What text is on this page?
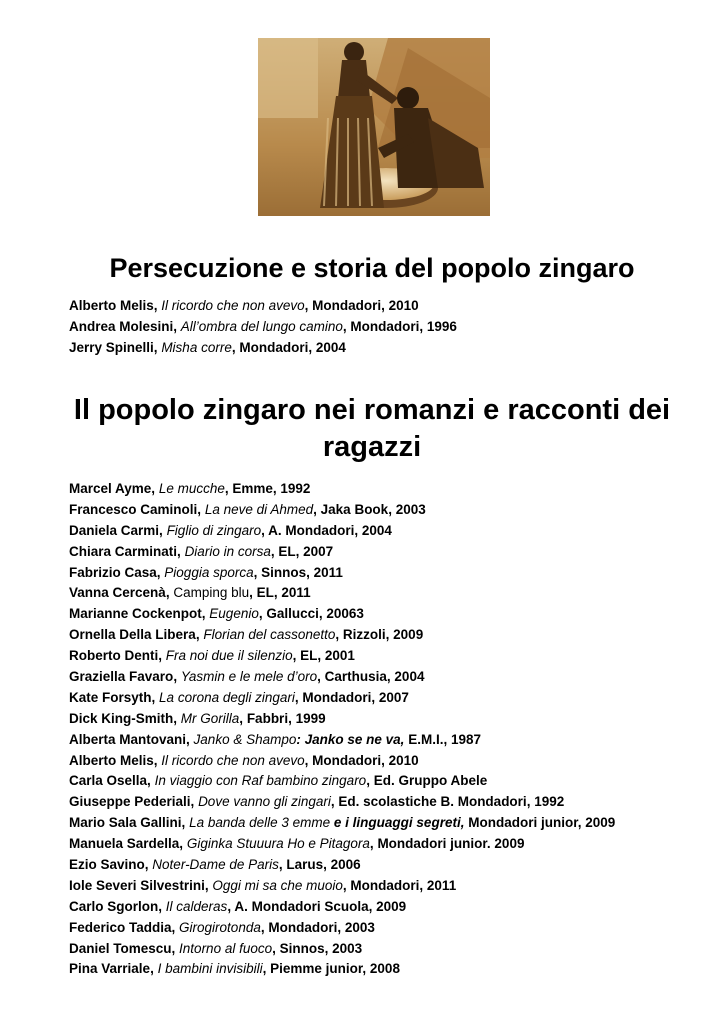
Persecuzione e storia del popolo zingaro
Alberto Melis, Il ricordo che non avevo, Mondadori, 2010
Andrea Molesini, All’ombra del lungo camino, Mondadori, 1996
Jerry Spinelli, Misha corre, Mondadori, 2004
Il popolo zingaro nei romanzi e racconti dei ragazzi
Marcel Ayme, Le mucche, Emme, 1992
Francesco Caminoli, La neve di Ahmed, Jaka Book, 2003
Daniela Carmi, Figlio di zingaro, A. Mondadori, 2004
Chiara Carminati, Diario in corsa, EL, 2007
Fabrizio Casa, Pioggia sporca, Sinnos, 2011
Vanna Cercenà, Camping blu, EL, 2011
Marianne Cockenpot, Eugenio, Gallucci, 20063
Ornella Della Libera, Florian del cassonetto, Rizzoli, 2009
Roberto Denti, Fra noi due il silenzio, EL, 2001
Graziella Favaro, Yasmin e le mele d’oro, Carthusia, 2004
Kate Forsyth, La corona degli zingari, Mondadori, 2007
Dick King-Smith, Mr Gorilla, Fabbri, 1999
Alberta Mantovani, Janko & Shampo: Janko se ne va, E.M.I., 1987
Alberto Melis, Il ricordo che non avevo, Mondadori, 2010
Carla Osella, In viaggio con Raf bambino zingaro, Ed. Gruppo Abele
Giuseppe Pederiali, Dove vanno gli zingari, Ed. scolastiche B. Mondadori, 1992
Mario Sala Gallini, La banda delle 3 emme e i linguaggi segreti, Mondadori junior, 2009
Manuela Sardella, Giginka Stuuura Ho e Pitagora, Mondadori junior. 2009
Ezio Savino, Noter-Dame de Paris, Larus, 2006
Iole Severi Silvestrini, Oggi mi sa che muoio, Mondadori, 2011
Carlo Sgorlon, Il calderas, A. Mondadori Scuola, 2009
Federico Taddia, Girogirotonda, Mondadori, 2003
Daniel Tomescu, Intorno al fuoco, Sinnos, 2003
Pina Varriale, I bambini invisibili, Piemme junior, 2008
